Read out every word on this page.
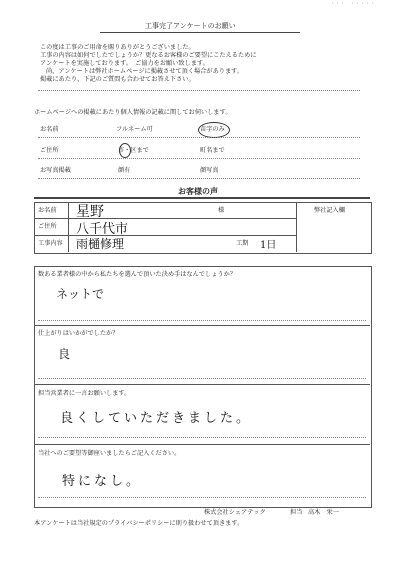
・・・　・・・・・
工事完了アンケートのお願い
この度は工事のご用命を賜りありがとうございました。
工事の内容は如何でしたでしょうか？更なるお客様のご要望にこたえるために
アンケートを実施しております。　ご協力をお願い致します。
尚、アンケートは弊社ホームページに掲載させて頂く場合があります。
掲載にあたり、下記のご質問も合わせてお答え下さい。
ホームページへの掲載にあたり個人情報の記載に関してお伺いします。
お名前	フルネーム可	苗字のみ
ご住所	市・区まで	町名まで
お写真掲載	顔有	顔写真
お客様の声
お名前 星野	様	弊社記入欄
ご住所 八千代市
工事内容 雨樋修理	工期 1日
数ある業者様の中から私たちを選んで頂いた決め手はなんでしょうか？
ネットで
仕上がりはいかがでしたか？
良
担当営業者に一言お願いします。
良くしていただきました。
当社へのご要望等御座いましたらご記入ください。
特になし。
株式会社シェアテック	担当 高木　栄一
本アンケートは当社規定のプライバシーポリシーに則り扱わせて頂きます。
